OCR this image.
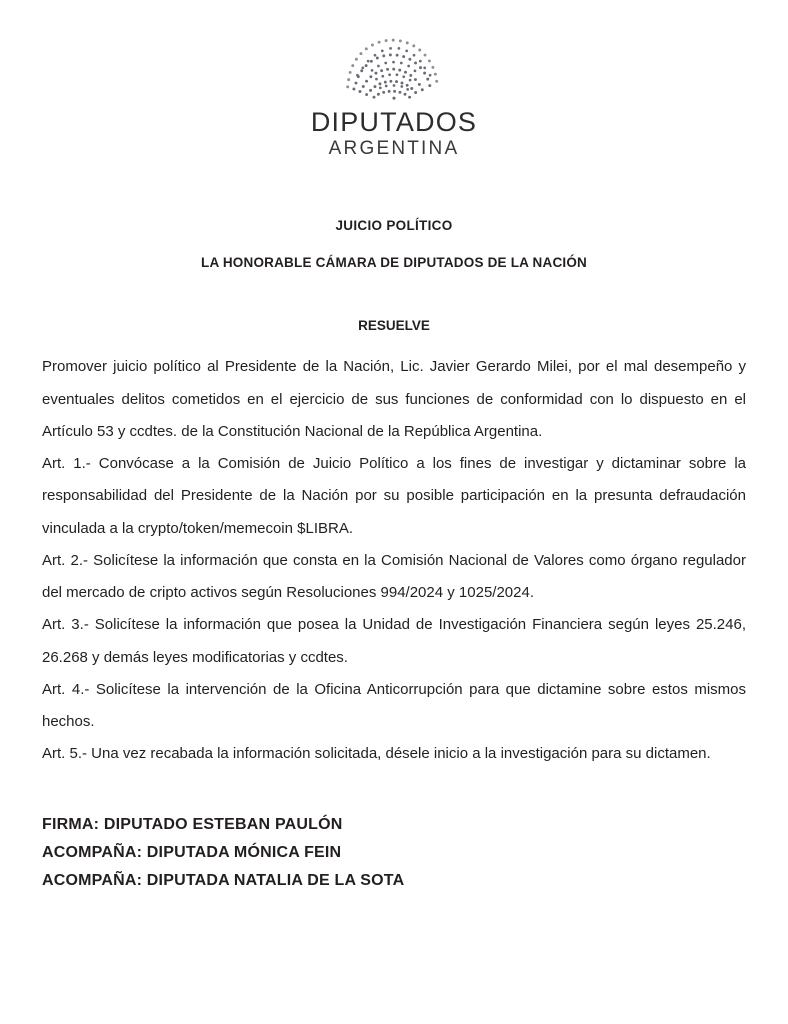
DIPUTADOS
ARGENTINA
JUICIO POLÍTICO
LA HONORABLE CÁMARA DE DIPUTADOS DE LA NACIÓN
RESUELVE

Promover juicio político al Presidente de la Nación, Lic. Javier Gerardo Milei, por el mal desempeño y eventuales delitos cometidos en el ejercicio de sus funciones de conformidad con lo dispuesto en el Artículo 53 y ccdtes. de la Constitución Nacional de la República Argentina.

Art. 1.- Convócase a la Comisión de Juicio Político a los fines de investigar y dictaminar sobre la responsabilidad del Presidente de la Nación por su posible participación en la presunta defraudación vinculada a la crypto/token/memecoin $LIBRA.

Art. 2.- Solicítese la información que consta en la Comisión Nacional de Valores como órgano regulador del mercado de cripto activos según Resoluciones 994/2024 y 1025/2024.

Art. 3.- Solicítese la información que posea la Unidad de Investigación Financiera según leyes 25.246, 26.268 y demás leyes modificatorias y ccdtes.

Art. 4.- Solicítese la intervención de la Oficina Anticorrupción para que dictamine sobre estos mismos hechos.

Art. 5.- Una vez recabada la información solicitada, désele inicio a la investigación para su dictamen.

FIRMA: DIPUTADO ESTEBAN PAULÓN
ACOMPAÑA: DIPUTADA MÓNICA FEIN
ACOMPAÑA: DIPUTADA NATALIA DE LA SOTA
